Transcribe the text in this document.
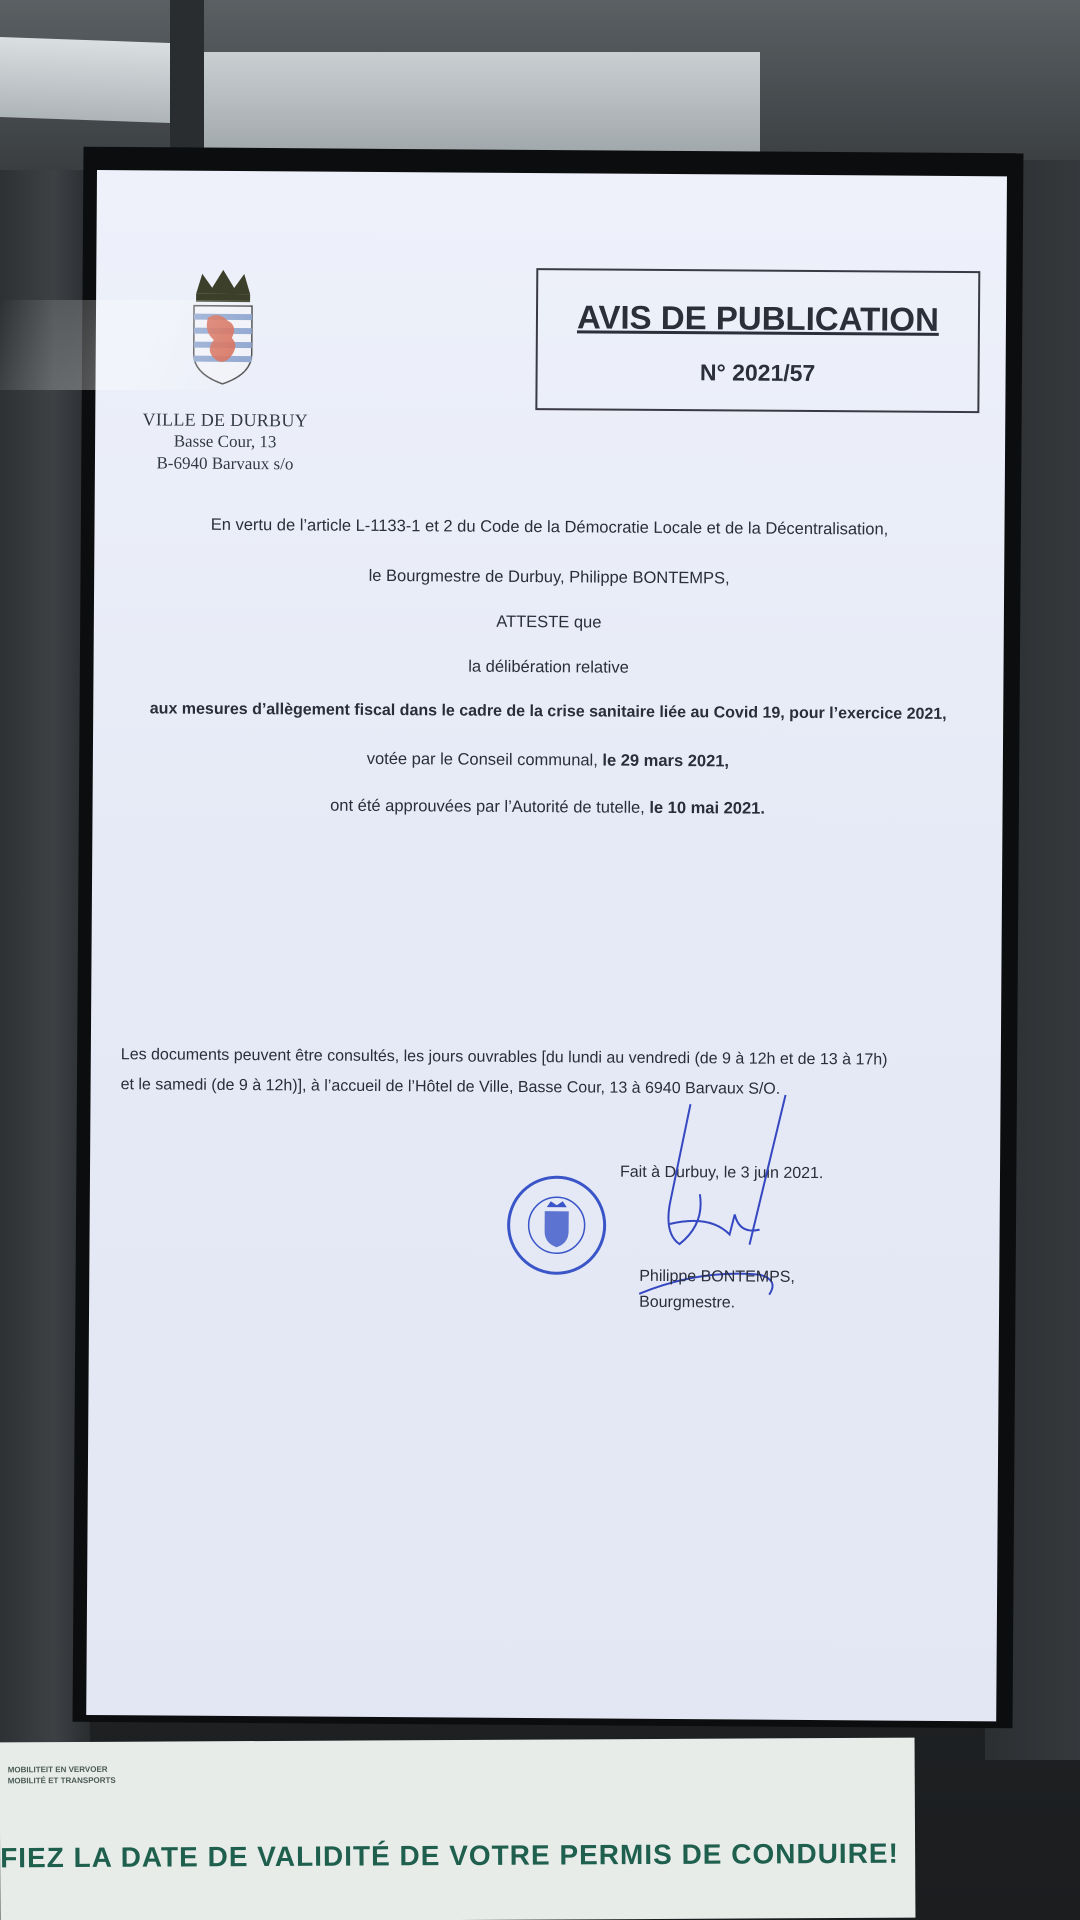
VILLE DE DURBUY
Basse Cour, 13
B-6940 Barvaux s/o
AVIS DE PUBLICATION
N° 2021/57
En vertu de l’article L-1133-1 et 2 du Code de la Démocratie Locale et de la Décentralisation,
le Bourgmestre de Durbuy, Philippe BONTEMPS,
ATTESTE que
la délibération relative
aux mesures d’allègement fiscal dans le cadre de la crise sanitaire liée au Covid 19, pour l’exercice 2021,
votée par le Conseil communal, le 29 mars 2021,
ont été approuvées par l’Autorité de tutelle, le 10 mai 2021.
Les documents peuvent être consultés, les jours ouvrables [du lundi au vendredi (de 9 à 12h et de 13 à 17h)
et le samedi (de 9 à 12h)], à l’accueil de l’Hôtel de Ville, Basse Cour, 13 à 6940 Barvaux S/O.
Fait à Durbuy, le 3 juin 2021.
Philippe BONTEMPS,
Bourgmestre.
MOBILITEIT EN VERVOER
MOBILITÉ ET TRANSPORTS
FIEZ LA DATE DE VALIDITÉ DE VOTRE PERMIS DE CONDUIRE!
